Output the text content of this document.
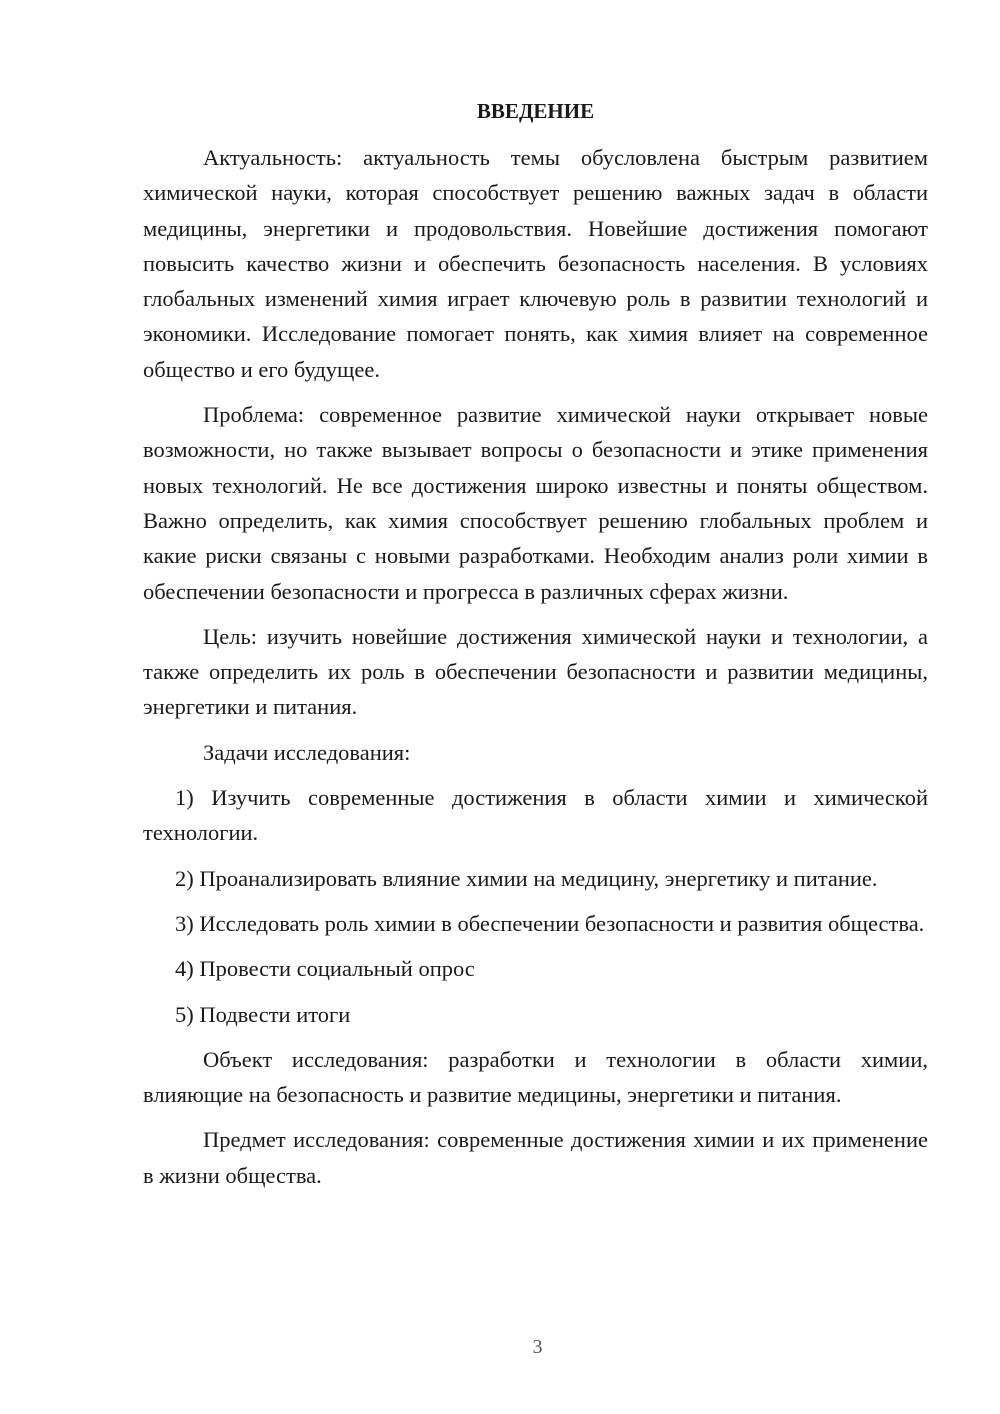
ВВЕДЕНИЕ

Актуальность: актуальность темы обусловлена быстрым развитием химической науки, которая способствует решению важных задач в области медицины, энергетики и продовольствия. Новейшие достижения помогают повысить качество жизни и обеспечить безопасность населения. В условиях глобальных изменений химия играет ключевую роль в развитии технологий и экономики. Исследование помогает понять, как химия влияет на современное общество и его будущее.

Проблема: современное развитие химической науки открывает новые возможности, но также вызывает вопросы о безопасности и этике применения новых технологий. Не все достижения широко известны и поняты обществом. Важно определить, как химия способствует решению глобальных проблем и какие риски связаны с новыми разработками. Необходим анализ роли химии в обеспечении безопасности и прогресса в различных сферах жизни.

Цель: изучить новейшие достижения химической науки и технологии, а также определить их роль в обеспечении безопасности и развитии медицины, энергетики и питания.

Задачи исследования:

1) Изучить современные достижения в области химии и химической технологии.

2) Проанализировать влияние химии на медицину, энергетику и питание.

3) Исследовать роль химии в обеспечении безопасности и развития общества.

4) Провести социальный опрос

5) Подвести итоги

Объект исследования: разработки и технологии в области химии, влияющие на безопасность и развитие медицины, энергетики и питания.

Предмет исследования: современные достижения химии и их применение в жизни общества.

3
